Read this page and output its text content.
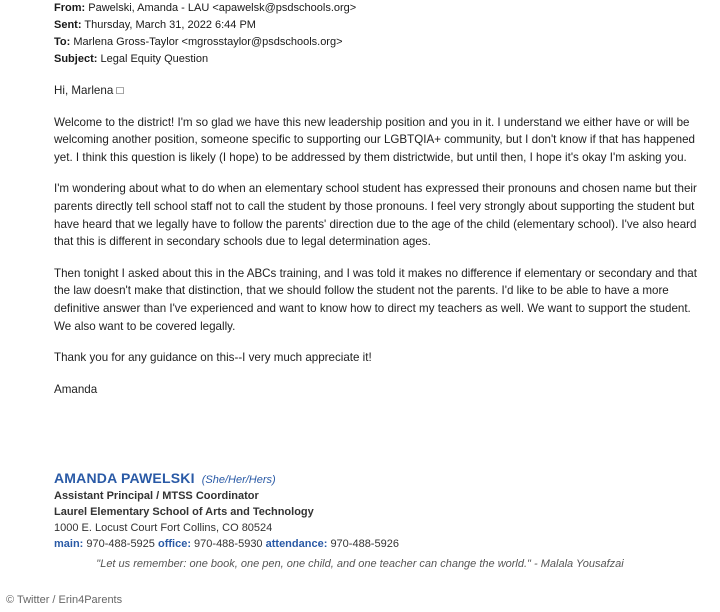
From: Pawelski, Amanda - LAU <apawelsk@psdschools.org>
Sent: Thursday, March 31, 2022 6:44 PM
To: Marlena Gross-Taylor <mgrosstaylor@psdschools.org>
Subject: Legal Equity Question

Hi, Marlena □

Welcome to the district! I'm so glad we have this new leadership position and you in it. I understand we either have or will be welcoming another position, someone specific to supporting our LGBTQIA+ community, but I don't know if that has happened yet. I think this question is likely (I hope) to be addressed by them districtwide, but until then, I hope it's okay I'm asking you.

I'm wondering about what to do when an elementary school student has expressed their pronouns and chosen name but their parents directly tell school staff not to call the student by those pronouns. I feel very strongly about supporting the student but have heard that we legally have to follow the parents' direction due to the age of the child (elementary school). I've also heard that this is different in secondary schools due to legal determination ages.

Then tonight I asked about this in the ABCs training, and I was told it makes no difference if elementary or secondary and that the law doesn't make that distinction, that we should follow the student not the parents. I'd like to be able to have a more definitive answer than I've experienced and want to know how to direct my teachers as well. We want to support the student. We also want to be covered legally.

Thank you for any guidance on this--I very much appreciate it!

Amanda

AMANDA PAWELSKI (She/Her/Hers)
Assistant Principal / MTSS Coordinator
Laurel Elementary School of Arts and Technology
1000 E. Locust Court Fort Collins, CO 80524
main: 970-488-5925 office: 970-488-5930 attendance: 970-488-5926
"Let us remember: one book, one pen, one child, and one teacher can change the world." - Malala Yousafzai
© Twitter / Erin4Parents
